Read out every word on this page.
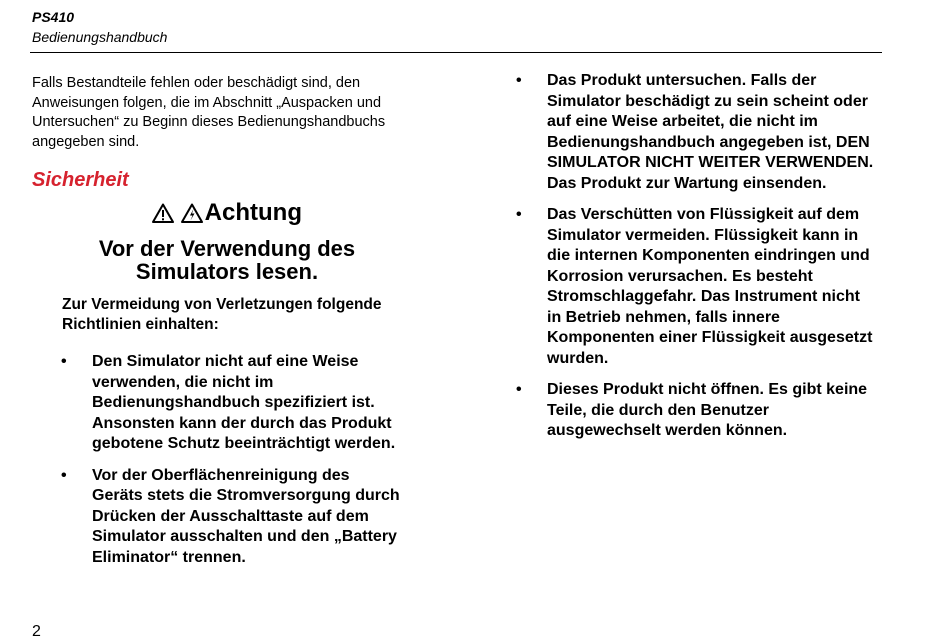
PS410
Bedienungshandbuch

Falls Bestandteile fehlen oder beschädigt sind, den Anweisungen folgen, die im Abschnitt „Auspacken und Untersuchen“ zu Beginn dieses Bedienungshandbuchs angegeben sind.

Sicherheit
Achtung
Vor der Verwendung des
Simulators lesen.
Zur Vermeidung von Verletzungen folgende Richtlinien einhalten:
• Den Simulator nicht auf eine Weise verwenden, die nicht im Bedienungshandbuch spezifiziert ist. Ansonsten kann der durch das Produkt gebotene Schutz beeinträchtigt werden.
• Vor der Oberflächenreinigung des Geräts stets die Stromversorgung durch Drücken der Ausschalttaste auf dem Simulator ausschalten und den „Battery Eliminator“ trennen.
• Das Produkt untersuchen. Falls der Simulator beschädigt zu sein scheint oder auf eine Weise arbeitet, die nicht im Bedienungshandbuch angegeben ist, DEN SIMULATOR NICHT WEITER VERWENDEN. Das Produkt zur Wartung einsenden.
• Das Verschütten von Flüssigkeit auf dem Simulator vermeiden. Flüssigkeit kann in die internen Komponenten eindringen und Korrosion verursachen. Es besteht Stromschlaggefahr. Das Instrument nicht in Betrieb nehmen, falls innere Komponenten einer Flüssigkeit ausgesetzt wurden.
• Dieses Produkt nicht öffnen. Es gibt keine Teile, die durch den Benutzer ausgewechselt werden können.
2
